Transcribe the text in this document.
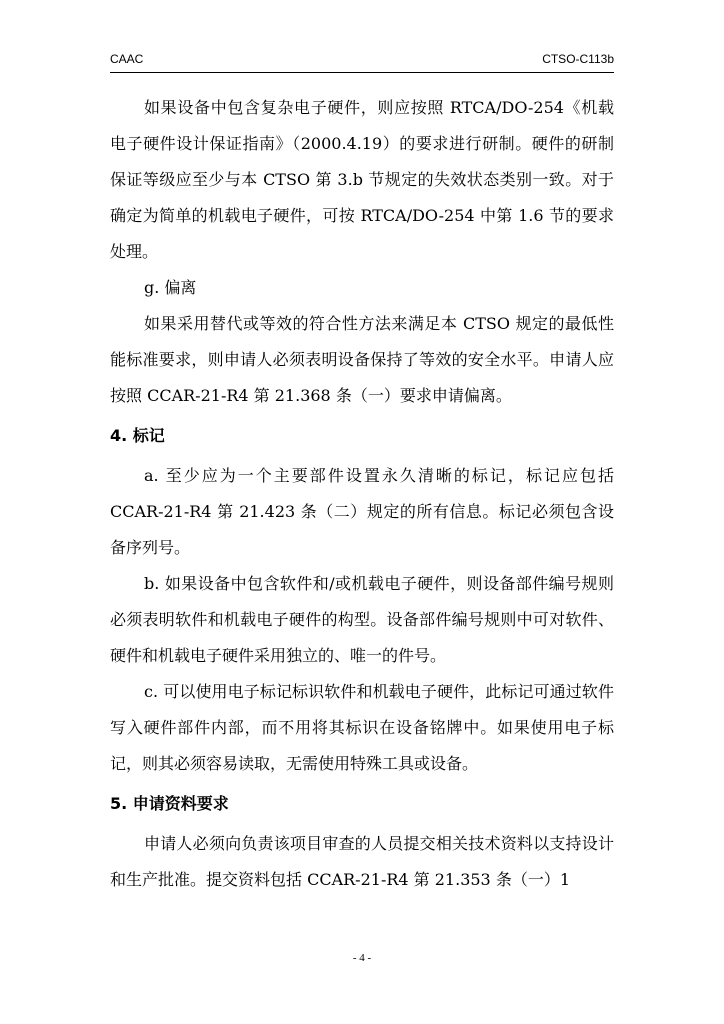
CAAC	CTSO-C113b

如果设备中包含复杂电子硬件，则应按照 RTCA/DO-254《机载电子硬件设计保证指南》（2000.4.19）的要求进行研制。硬件的研制保证等级应至少与本 CTSO 第 3.b 节规定的失效状态类别一致。对于确定为简单的机载电子硬件，可按 RTCA/DO-254 中第 1.6 节的要求处理。

g. 偏离

如果采用替代或等效的符合性方法来满足本 CTSO 规定的最低性能标准要求，则申请人必须表明设备保持了等效的安全水平。申请人应按照 CCAR-21-R4 第 21.368 条（一）要求申请偏离。

4. 标记

a. 至少应为一个主要部件设置永久清晰的标记，标记应包括 CCAR-21-R4 第 21.423 条（二）规定的所有信息。标记必须包含设备序列号。

b. 如果设备中包含软件和/或机载电子硬件，则设备部件编号规则必须表明软件和机载电子硬件的构型。设备部件编号规则中可对软件、硬件和机载电子硬件采用独立的、唯一的件号。

c. 可以使用电子标记标识软件和机载电子硬件，此标记可通过软件写入硬件部件内部，而不用将其标识在设备铭牌中。如果使用电子标记，则其必须容易读取，无需使用特殊工具或设备。

5. 申请资料要求

申请人必须向负责该项目审查的人员提交相关技术资料以支持设计和生产批准。提交资料包括 CCAR-21-R4 第 21.353 条（一）1

- 4 -
